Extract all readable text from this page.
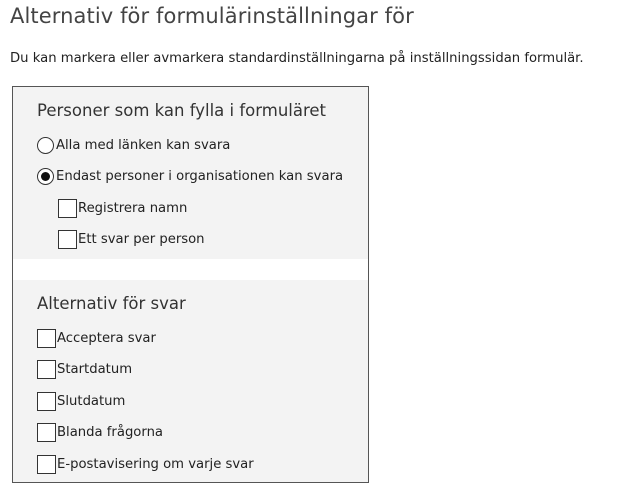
Alternativ för formulärinställningar för
Du kan markera eller avmarkera standardinställningarna på inställningssidan formulär.
Personer som kan fylla i formuläret
Alla med länken kan svara
Endast personer i organisationen kan svara
Registrera namn
Ett svar per person
Alternativ för svar
Acceptera svar
Startdatum
Slutdatum
Blanda frågorna
E-postavisering om varje svar
